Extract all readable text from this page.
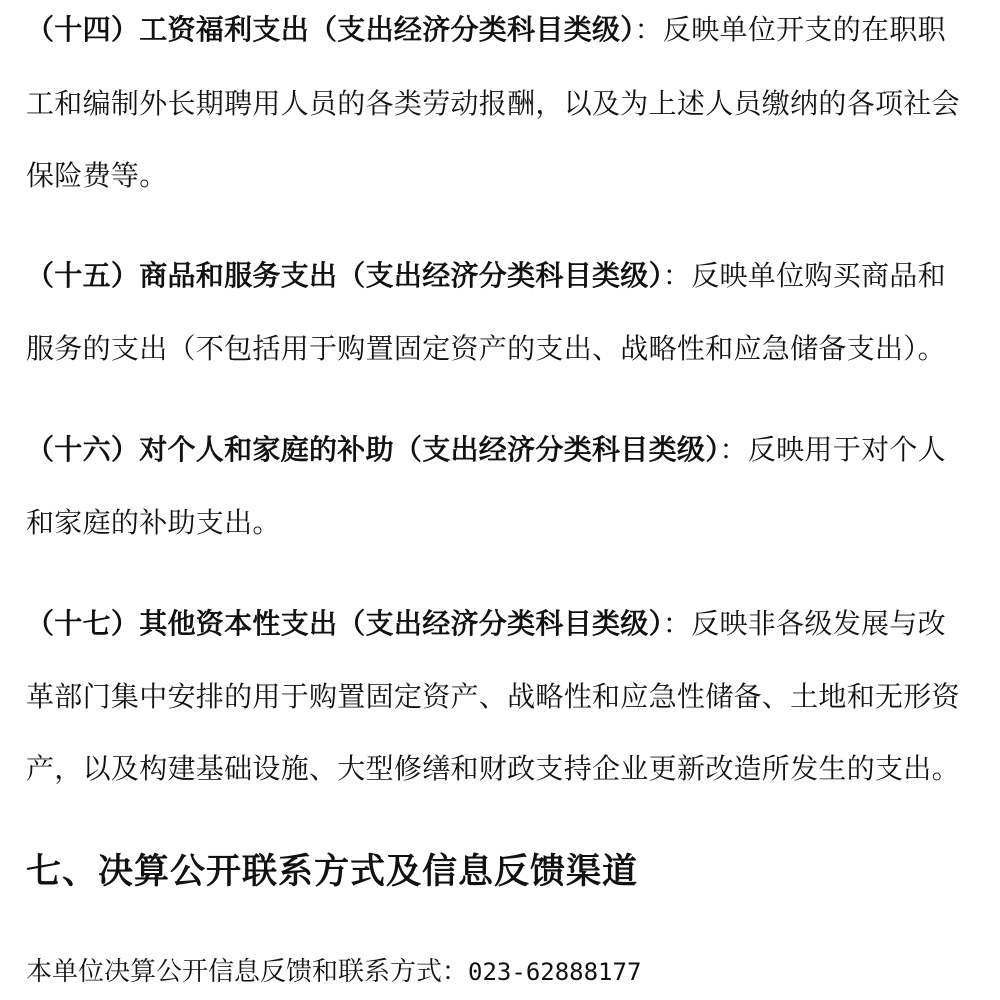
（十四）工资福利支出（支出经济分类科目类级）：反映单位开支的在职职
工和编制外长期聘用人员的各类劳动报酬，以及为上述人员缴纳的各项社会
保险费等。
（十五）商品和服务支出（支出经济分类科目类级）：反映单位购买商品和
服务的支出（不包括用于购置固定资产的支出、战略性和应急储备支出）。
（十六）对个人和家庭的补助（支出经济分类科目类级）：反映用于对个人
和家庭的补助支出。
（十七）其他资本性支出（支出经济分类科目类级）：反映非各级发展与改
革部门集中安排的用于购置固定资产、战略性和应急性储备、土地和无形资
产，以及构建基础设施、大型修缮和财政支持企业更新改造所发生的支出。
七、决算公开联系方式及信息反馈渠道
本单位决算公开信息反馈和联系方式：023-62888177
